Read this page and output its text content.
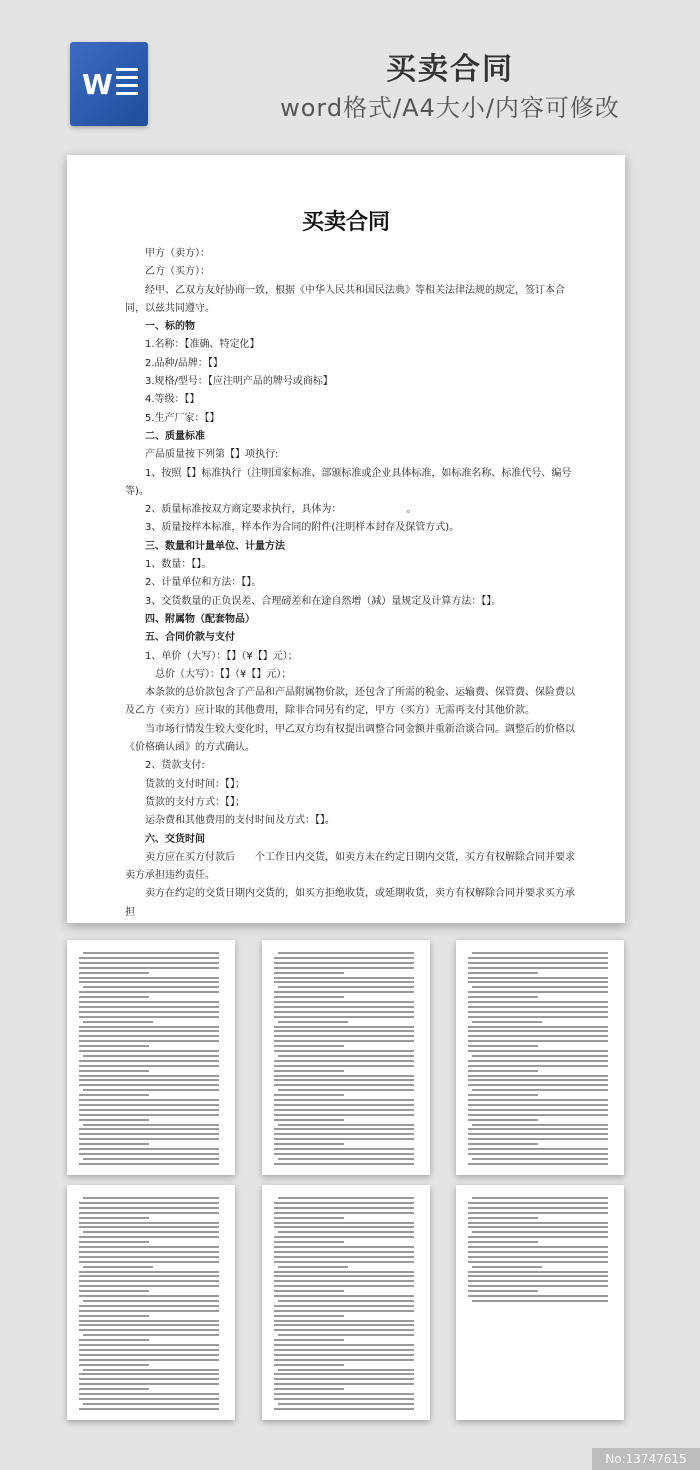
W	买卖合同
word格式/A4大小/内容可修改
买卖合同

甲方（卖方）：

乙方（买方）：

经甲、乙双方友好协商一致，根据《中华人民共和国民法典》等相关法律法规的规定，签订本合同，以兹共同遵守。

一、标的物

1.名称：【准确、特定化】

2.品种/品牌：【】

3.规格/型号：【应注明产品的牌号或商标】

4.等级：【】

5.生产厂家：【】

二、质量标准

产品质量按下列第【】项执行:

1、按照【】标准执行（注明国家标准、部颁标准或企业具体标准，如标准名称、标准代号、编号等)。

2、质量标准按双方商定要求执行，具体为：　　　　　　　。

3、质量按样本标准，样本作为合同的附件(注明样本封存及保管方式)。

三、数量和计量单位、计量方法

1、数量：【】。

2、计量单位和方法：【】。

3、交货数量的正负误差、合理磅差和在途自然增（减）量规定及计算方法：【】。

四、附属物（配套物品）

五、合同价款与支付

1、单价（大写）：【】（¥【】元）；

总价（大写）：【】（¥【】元）；

本条款的总价款包含了产品和产品附属物价款，还包含了所需的税金、运输费、保管费、保险费以及乙方（卖方）应计取的其他费用，除非合同另有约定，甲方（买方）无需再支付其他价款。

当市场行情发生较大变化时，甲乙双方均有权提出调整合同金额并重新洽谈合同。调整后的价格以《价格确认函》的方式确认。

2、货款支付:

货款的支付时间：【】；

货款的支付方式：【】；

运杂费和其他费用的支付时间及方式：【】。

六、交货时间

卖方应在买方付款后　　个工作日内交货，如卖方未在约定日期内交货，买方有权解除合同并要求卖方承担违约责任。

卖方在约定的交货日期内交货的，如买方拒绝收货，或延期收货，卖方有权解除合同并要求买方承担

No:13747615
